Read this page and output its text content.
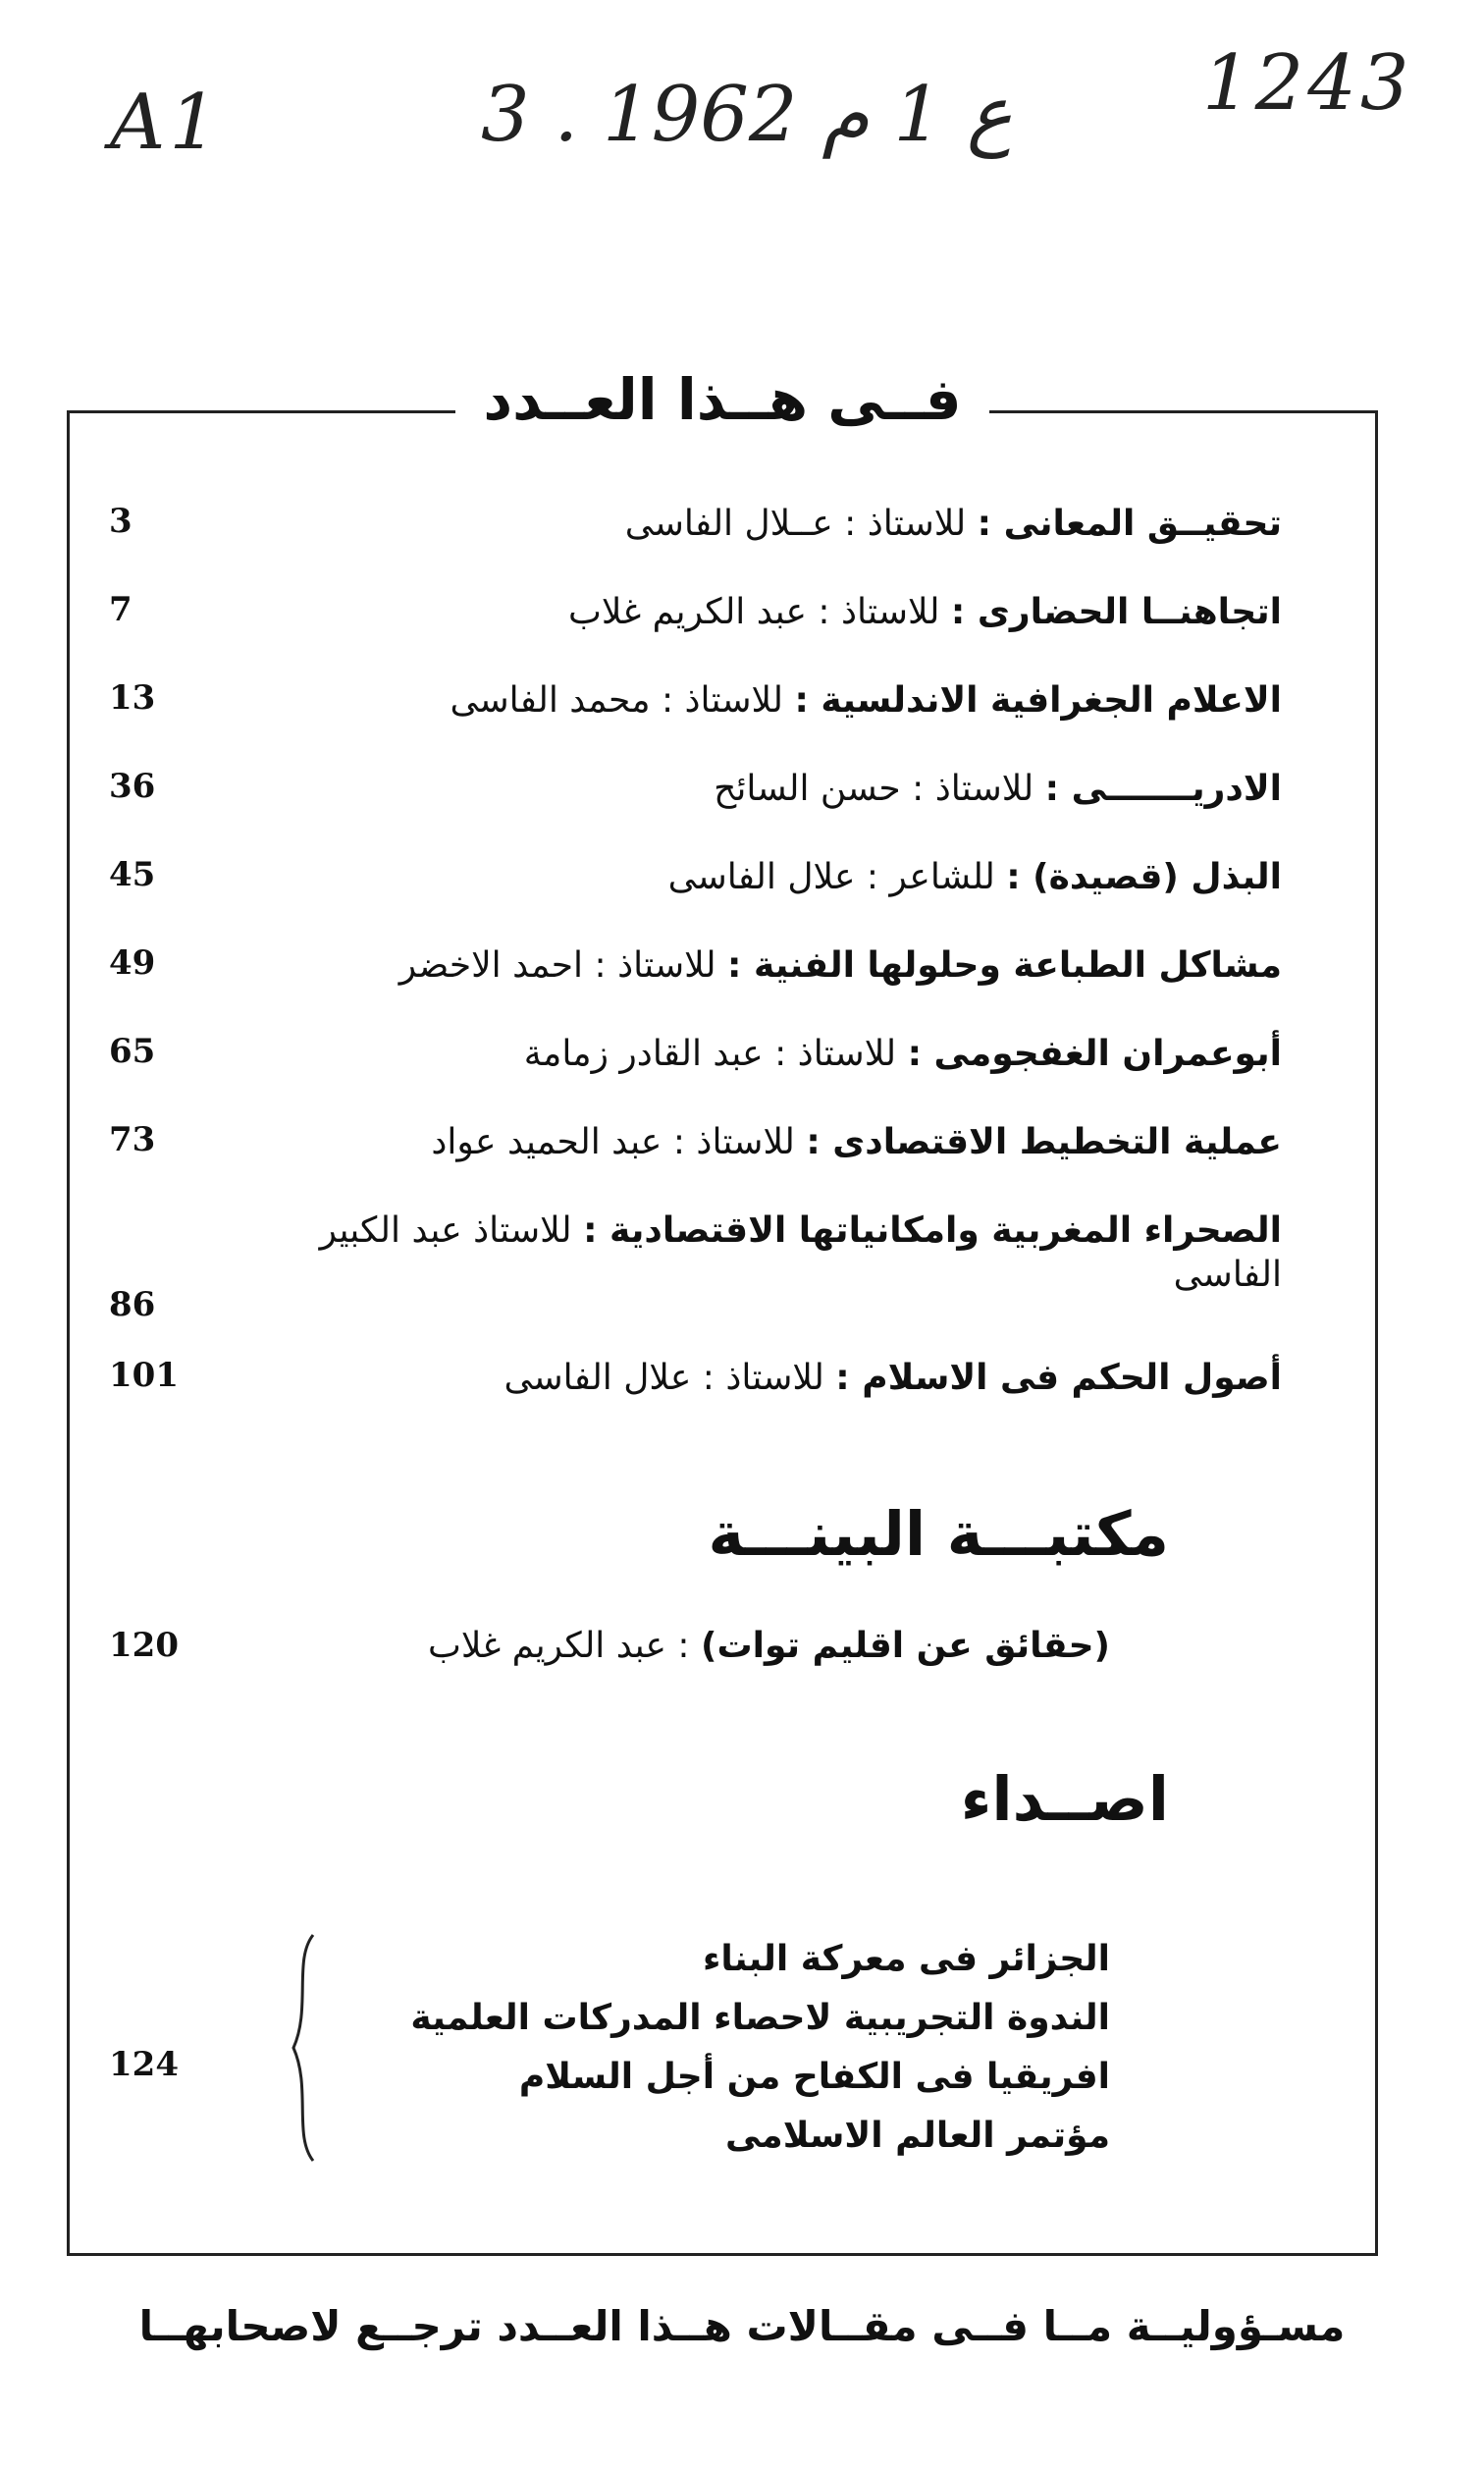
A1	3 . ع 1 م 1962 1243
فــى هــذا العــدد
تحقيــق المعانى : للاستاذ : عــلال الفاسى
3
اتجاهنــا الحضارى : للاستاذ : عبد الكريم غلاب
7
الاعلام الجغرافية الاندلسية : للاستاذ : محمد الفاسى
13
الادريـــــــى : للاستاذ : حسن السائح
36
البذل (قصيدة) : للشاعر : علال الفاسى
45
مشاكل الطباعة وحلولها الفنية : للاستاذ : احمد الاخضر
49
أبوعمران الغفجومى : للاستاذ : عبد القادر زمامة
65
عملية التخطيط الاقتصادى : للاستاذ : عبد الحميد عواد
73
الصحراء المغربية وامكانياتها الاقتصادية : للاستاذ عبد الكبير الفاسى
86
أصول الحكم فى الاسلام : للاستاذ : علال الفاسى
101
مكتبـــة البينـــة
(حقائق عن اقليم توات) : عبد الكريم غلاب
120
اصــداء
الجزائر فى معركة البناء
الندوة التجريبية لاحصاء المدركات العلمية
افريقيا فى الكفاح من أجل السلام
مؤتمر العالم الاسلامى
124
مسـؤوليــة مــا فــى مقــالات هــذا العــدد ترجــع لاصحابهــا
